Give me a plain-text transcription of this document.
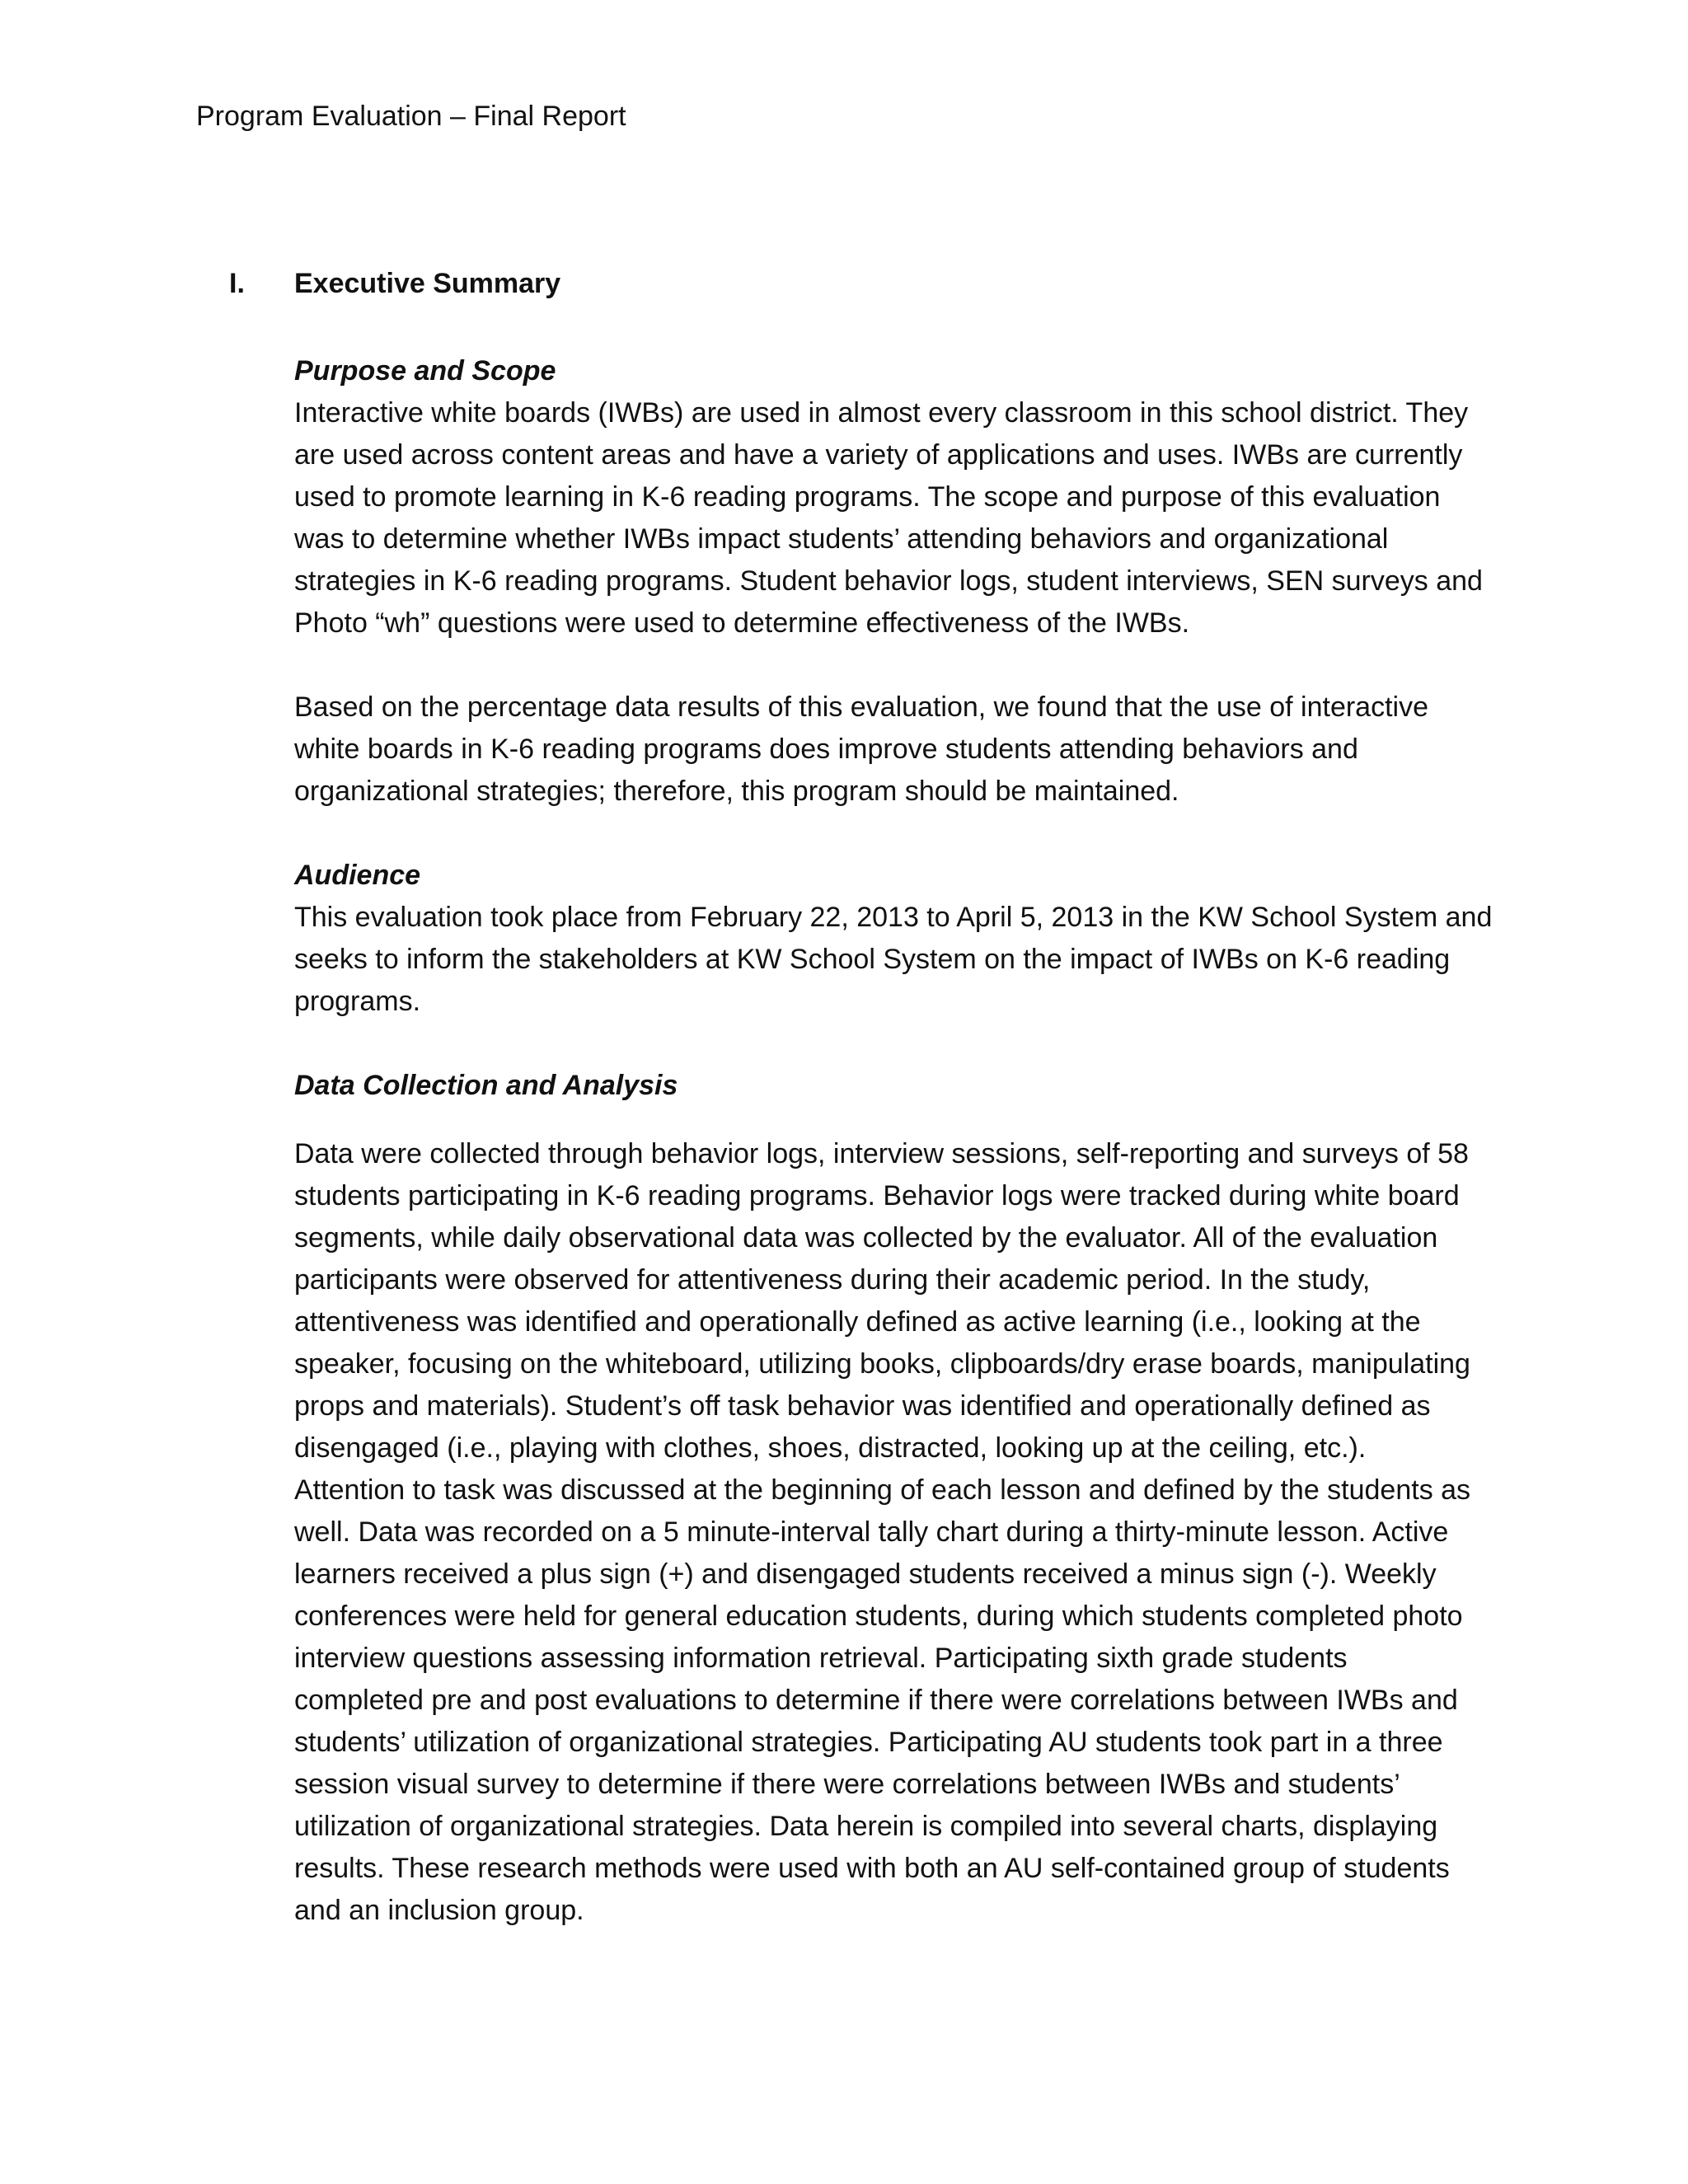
Program Evaluation – Final Report
I. Executive Summary

Purpose and Scope

Interactive white boards (IWBs) are used in almost every classroom in this school district. They
are used across content areas and have a variety of applications and uses. IWBs are currently
used to promote learning in K-6 reading programs. The scope and purpose of this evaluation
was to determine whether IWBs impact students’ attending behaviors and organizational
strategies in K-6 reading programs. Student behavior logs, student interviews, SEN surveys and
Photo “wh” questions were used to determine effectiveness of the IWBs.

Based on the percentage data results of this evaluation, we found that the use of interactive
white boards in K-6 reading programs does improve students attending behaviors and
organizational strategies; therefore, this program should be maintained.

Audience

This evaluation took place from February 22, 2013 to April 5, 2013 in the KW School System and
seeks to inform the stakeholders at KW School System on the impact of IWBs on K-6 reading
programs.

Data Collection and Analysis

Data were collected through behavior logs, interview sessions, self-reporting and surveys of 58
students participating in K-6 reading programs. Behavior logs were tracked during white board
segments, while daily observational data was collected by the evaluator. All of the evaluation
participants were observed for attentiveness during their academic period. In the study,
attentiveness was identified and operationally defined as active learning (i.e., looking at the
speaker, focusing on the whiteboard, utilizing books, clipboards/dry erase boards, manipulating
props and materials). Student’s off task behavior was identified and operationally defined as
disengaged (i.e., playing with clothes, shoes, distracted, looking up at the ceiling, etc.).
Attention to task was discussed at the beginning of each lesson and defined by the students as
well. Data was recorded on a 5 minute-interval tally chart during a thirty-minute lesson. Active
learners received a plus sign (+) and disengaged students received a minus sign (-). Weekly
conferences were held for general education students, during which students completed photo
interview questions assessing information retrieval. Participating sixth grade students
completed pre and post evaluations to determine if there were correlations between IWBs and
students’ utilization of organizational strategies. Participating AU students took part in a three
session visual survey to determine if there were correlations between IWBs and students’
utilization of organizational strategies. Data herein is compiled into several charts, displaying
results. These research methods were used with both an AU self-contained group of students
and an inclusion group.
